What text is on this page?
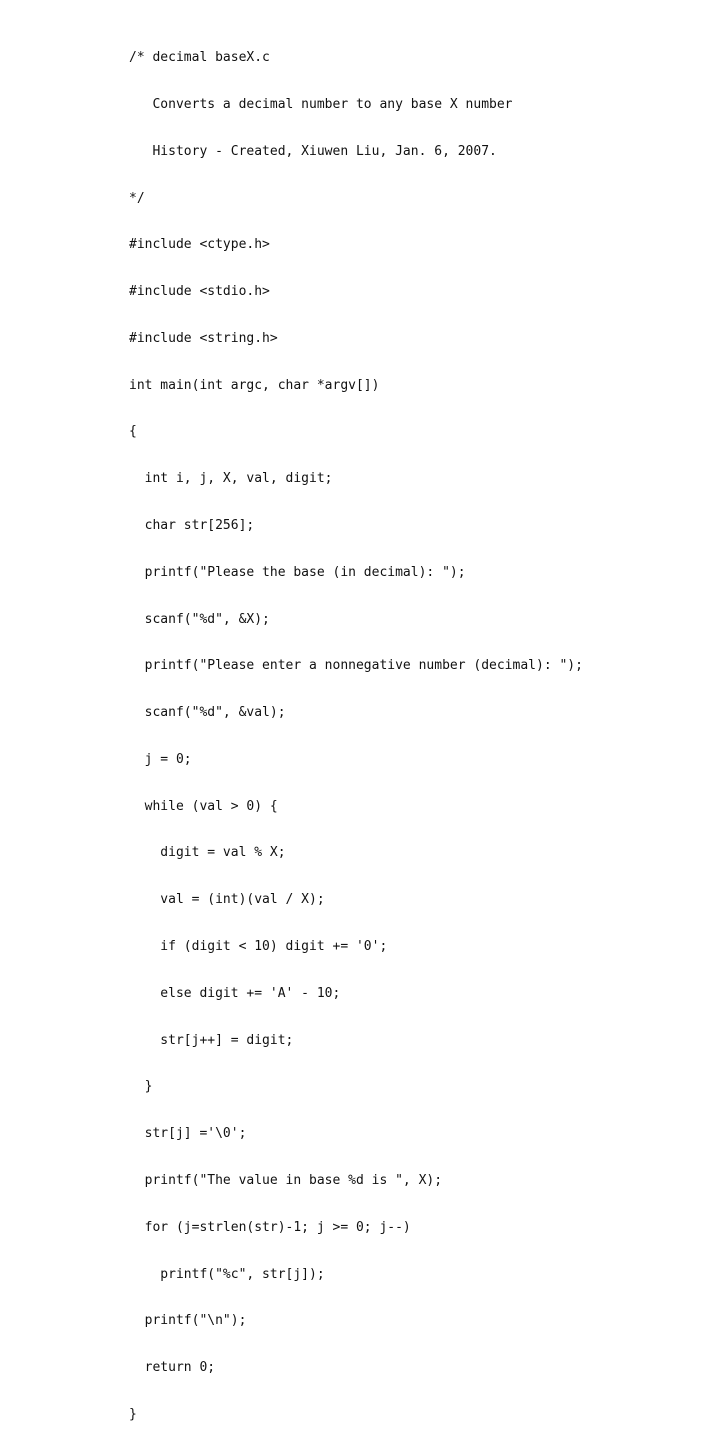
/* decimal baseX.c

Converts a decimal number to any base X number

History - Created, Xiuwen Liu, Jan. 6, 2007.

*/

#include <ctype.h>

#include <stdio.h>

#include <string.h>

int main(int argc, char *argv[])

{

int i, j, X, val, digit;

char str[256];

printf("Please the base (in decimal): ");

scanf("%d", &X);

printf("Please enter a nonnegative number (decimal): ");

scanf("%d", &val);

j = 0;

while (val > 0) {

digit = val % X;

val = (int)(val / X);

if (digit < 10) digit += '0';

else digit += 'A' - 10;

str[j++] = digit;

}

str[j] ='\0';

printf("The value in base %d is ", X);

for (j=strlen(str)-1; j >= 0; j--)

printf("%c", str[j]);

printf("\n");

return 0;

}
